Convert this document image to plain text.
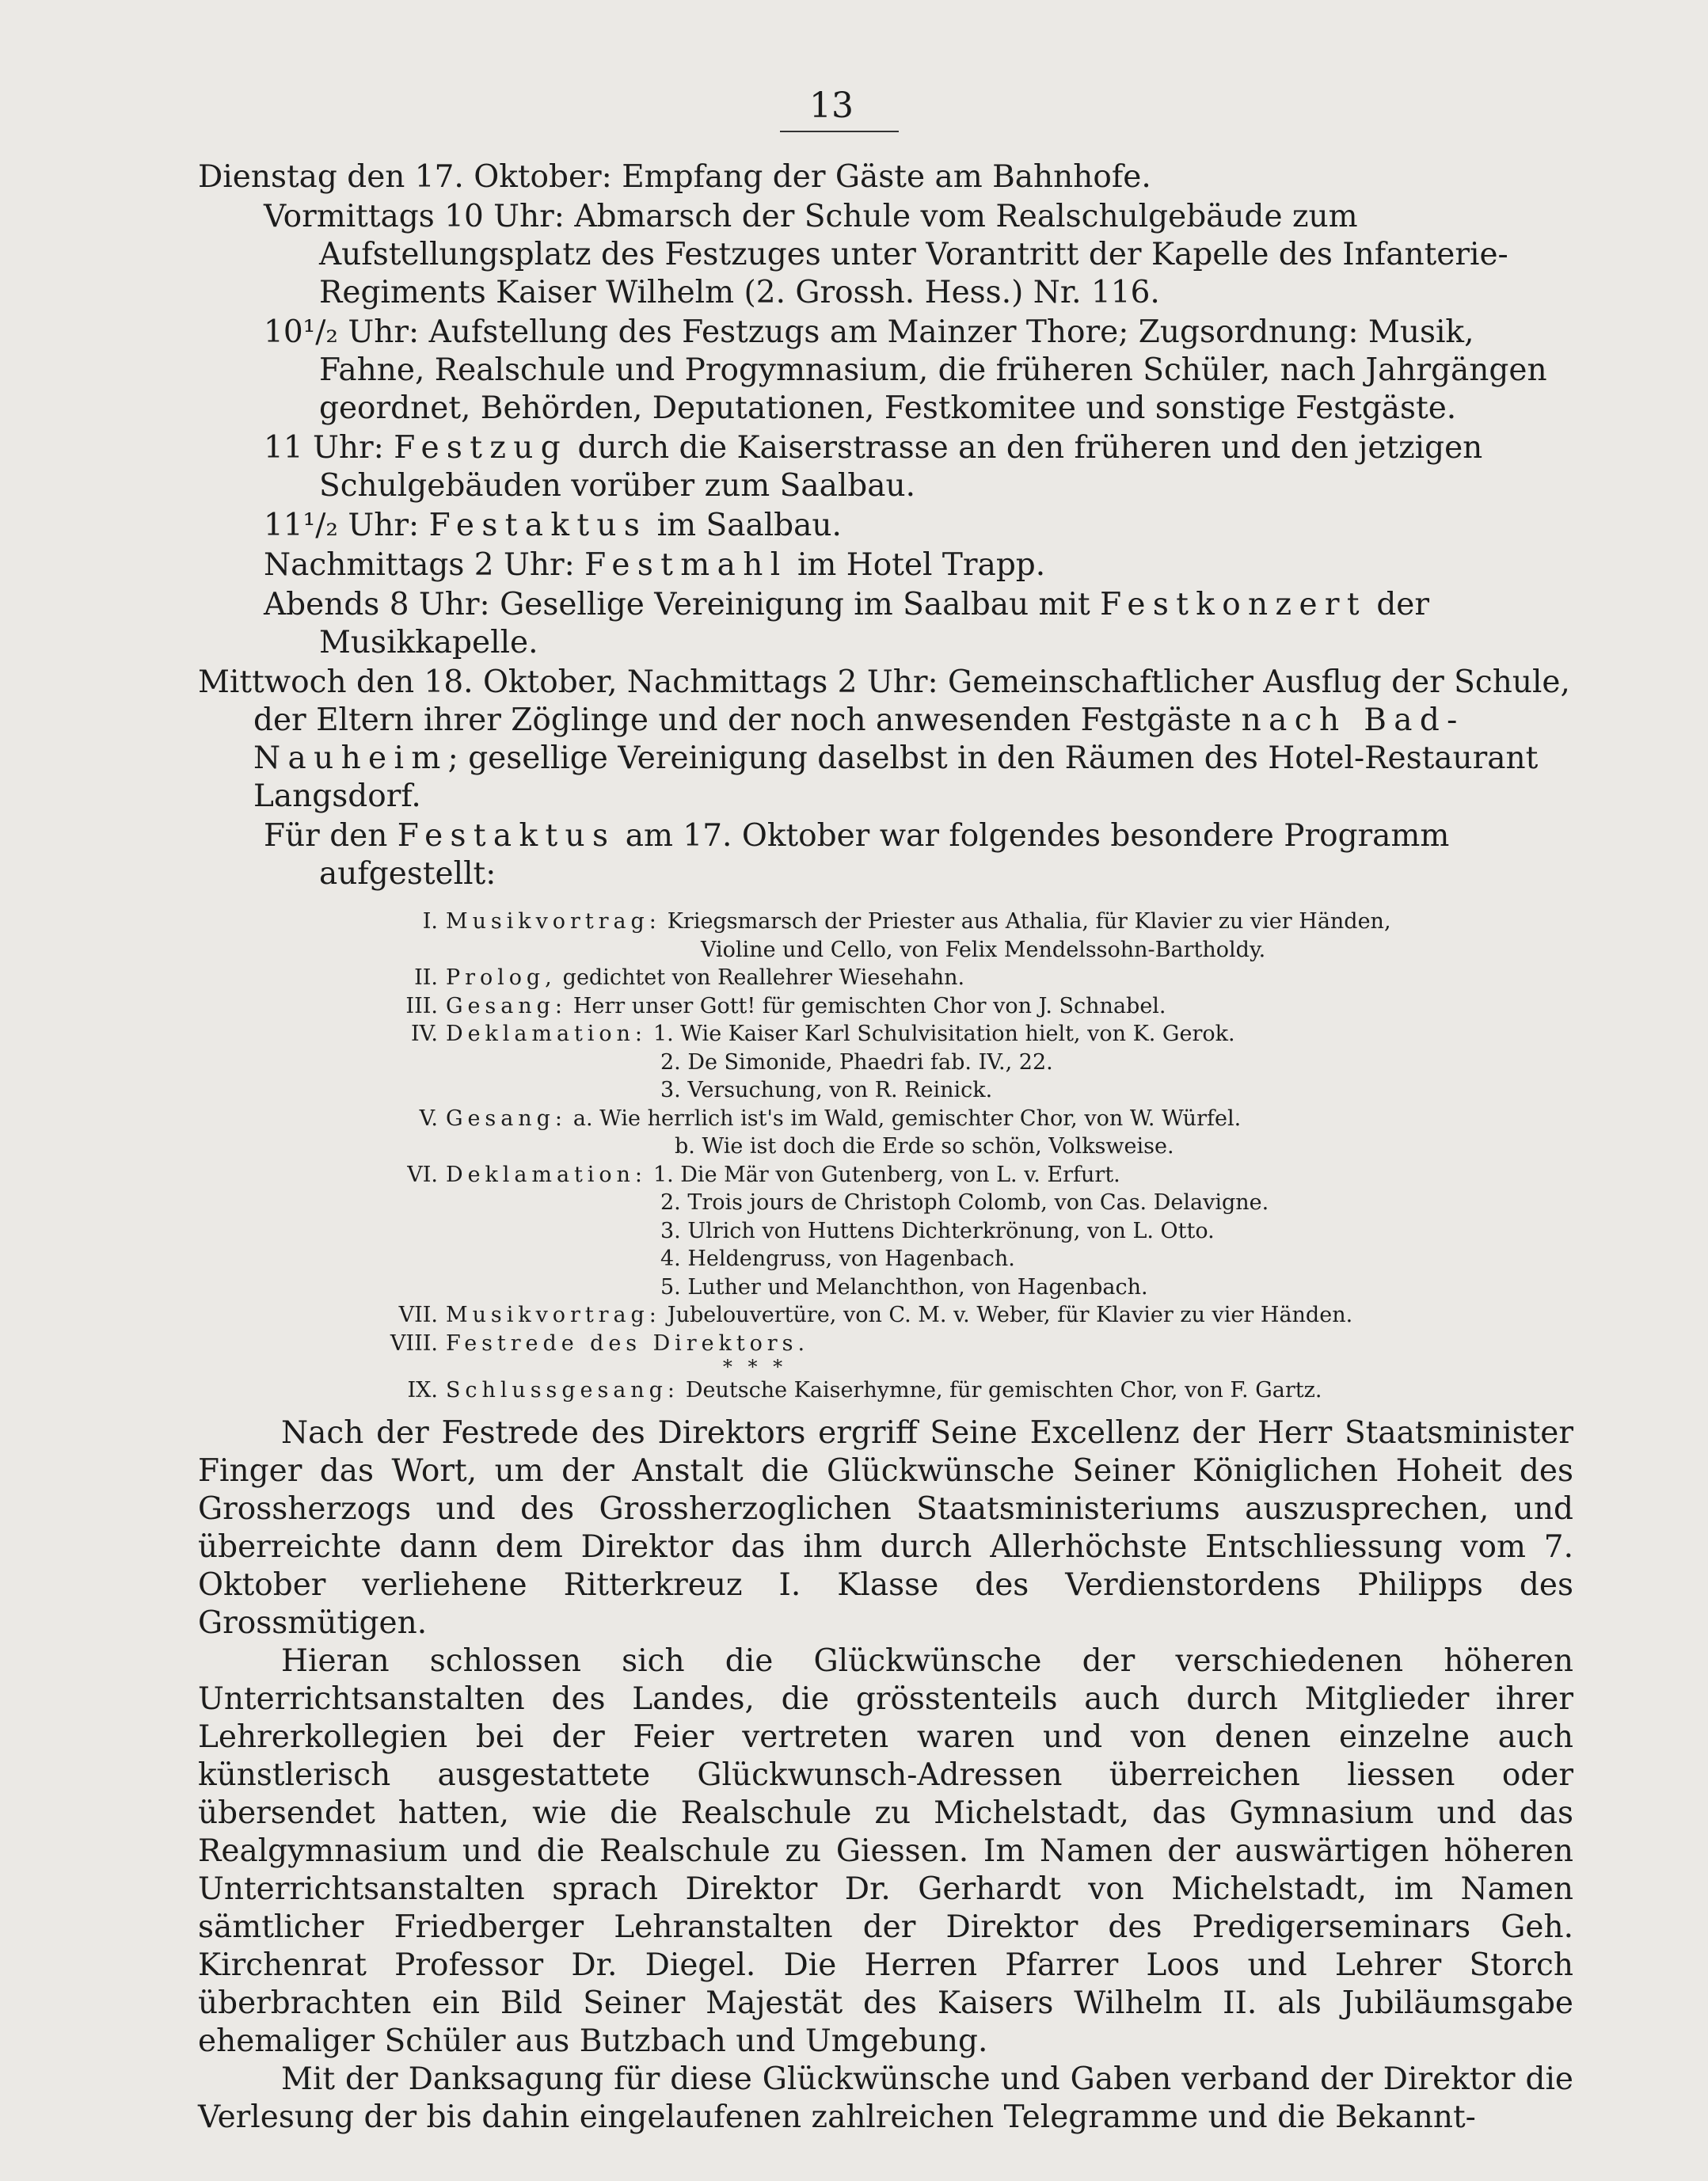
13

Dienstag den 17. Oktober: Empfang der Gäste am Bahnhofe.

Vormittags 10 Uhr: Abmarsch der Schule vom Realschulgebäude zum Aufstellungsplatz des Festzuges unter Vorantritt der Kapelle des Infanterie-Regiments Kaiser Wilhelm (2. Grossh. Hess.) Nr. 116.

10¹/₂ Uhr: Aufstellung des Festzugs am Mainzer Thore; Zugsordnung: Musik, Fahne, Realschule und Progymnasium, die früheren Schüler, nach Jahrgängen geordnet, Behörden, Deputationen, Festkomitee und sonstige Festgäste.

11 Uhr: Festzug durch die Kaiserstrasse an den früheren und den jetzigen Schulgebäuden vorüber zum Saalbau.

11¹/₂ Uhr: Festaktus im Saalbau.

Nachmittags 2 Uhr: Festmahl im Hotel Trapp.

Abends 8 Uhr: Gesellige Vereinigung im Saalbau mit Festkonzert der Musikkapelle.

Mittwoch den 18. Oktober, Nachmittags 2 Uhr: Gemeinschaftlicher Ausflug der Schule, der Eltern ihrer Zöglinge und der noch anwesenden Festgäste nach Bad-Nauheim; gesellige Vereinigung daselbst in den Räumen des Hotel-Restaurant Langsdorf.

Für den Festaktus am 17. Oktober war folgendes besondere Programm aufgestellt:

I. Musikvortrag: Kriegsmarsch der Priester aus Athalia, für Klavier zu vier Händen,
Violine und Cello, von Felix Mendelssohn-Bartholdy.
II. Prolog, gedichtet von Reallehrer Wiesehahn.
III. Gesang: Herr unser Gott! für gemischten Chor von J. Schnabel.
IV. Deklamation: 1. Wie Kaiser Karl Schulvisitation hielt, von K. Gerok.
2. De Simonide, Phaedri fab. IV., 22.
3. Versuchung, von R. Reinick.
V. Gesang: a. Wie herrlich ist's im Wald, gemischter Chor, von W. Würfel.
b. Wie ist doch die Erde so schön, Volksweise.
VI. Deklamation: 1. Die Mär von Gutenberg, von L. v. Erfurt.
2. Trois jours de Christoph Colomb, von Cas. Delavigne.
3. Ulrich von Huttens Dichterkrönung, von L. Otto.
4. Heldengruss, von Hagenbach.
5. Luther und Melanchthon, von Hagenbach.
VII. Musikvortrag: Jubelouvertüre, von C. M. v. Weber, für Klavier zu vier Händen.
VIII. Festrede des Direktors.
* * *
IX. Schlussgesang: Deutsche Kaiserhymne, für gemischten Chor, von F. Gartz.

Nach der Festrede des Direktors ergriff Seine Excellenz der Herr Staatsminister Finger das Wort, um der Anstalt die Glückwünsche Seiner Königlichen Hoheit des Grossherzogs und des Grossherzoglichen Staatsministeriums auszusprechen, und überreichte dann dem Direktor das ihm durch Allerhöchste Entschliessung vom 7. Oktober verliehene Ritterkreuz I. Klasse des Verdienstordens Philipps des Grossmütigen.

Hieran schlossen sich die Glückwünsche der verschiedenen höheren Unterrichtsanstalten des Landes, die grösstenteils auch durch Mitglieder ihrer Lehrerkollegien bei der Feier vertreten waren und von denen einzelne auch künstlerisch ausgestattete Glückwunsch-Adressen überreichen liessen oder übersendet hatten, wie die Realschule zu Michelstadt, das Gymnasium und das Realgymnasium und die Realschule zu Giessen. Im Namen der auswärtigen höheren Unterrichtsanstalten sprach Direktor Dr. Gerhardt von Michelstadt, im Namen sämtlicher Friedberger Lehranstalten der Direktor des Predigerseminars Geh. Kirchenrat Professor Dr. Diegel. Die Herren Pfarrer Loos und Lehrer Storch überbrachten ein Bild Seiner Majestät des Kaisers Wilhelm II. als Jubiläumsgabe ehemaliger Schüler aus Butzbach und Umgebung.

Mit der Danksagung für diese Glückwünsche und Gaben verband der Direktor die Verlesung der bis dahin eingelaufenen zahlreichen Telegramme und die Bekannt-
